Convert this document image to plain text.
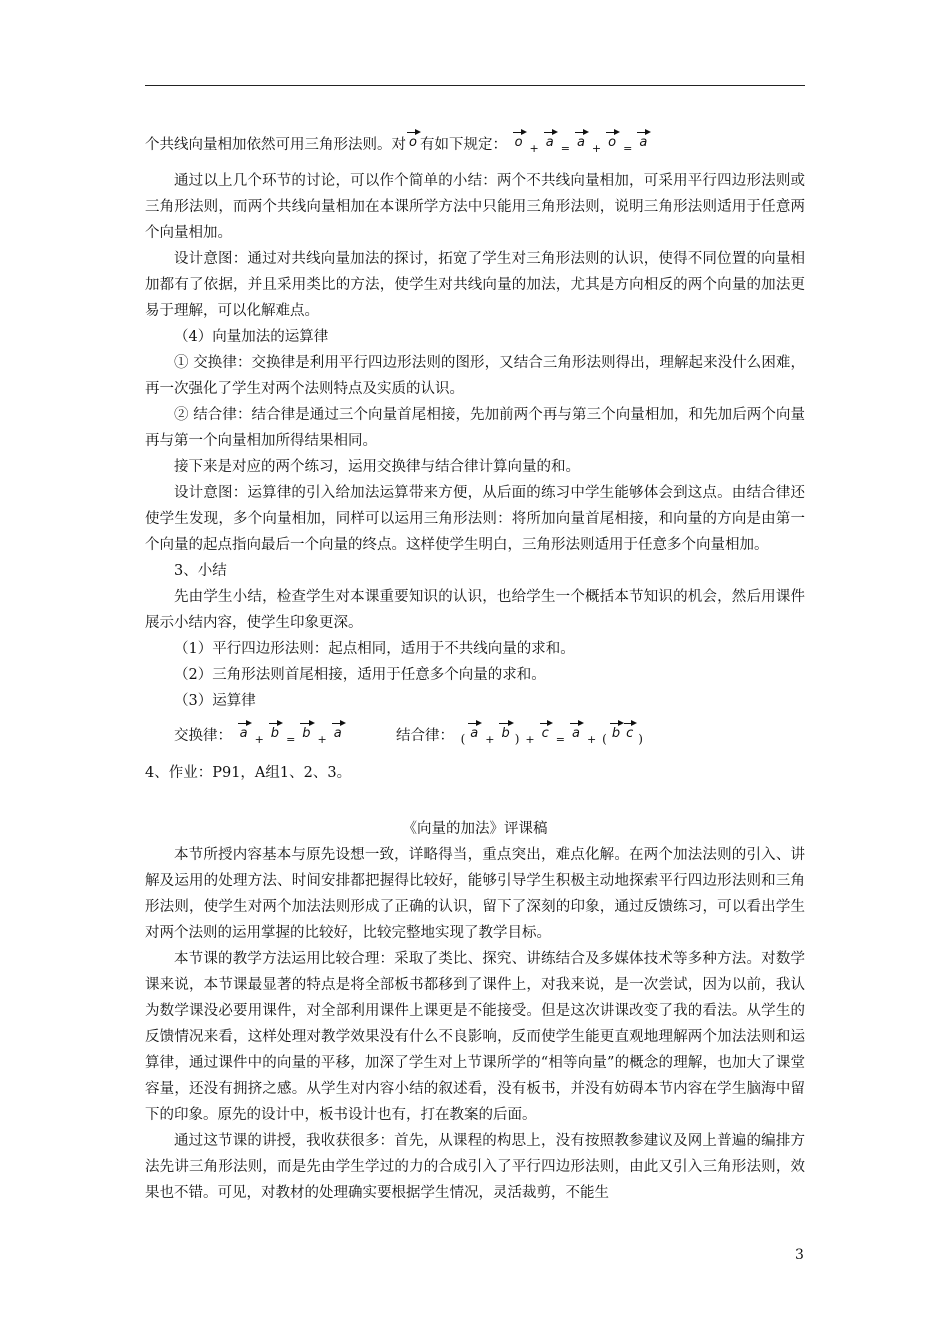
个共线向量相加依然可用三角形法则。对 o 有如下规定： o $_+$ a $_=$ a $_+$ o $_=$ a

通过以上几个环节的讨论，可以作个简单的小结：两个不共线向量相加，可采用平行四边形法则或三角形法则，而两个共线向量相加在本课所学方法中只能用三角形法则，说明三角形法则适用于任意两个向量相加。

设计意图：通过对共线向量加法的探讨，拓宽了学生对三角形法则的认识，使得不同位置的向量相加都有了依据，并且采用类比的方法，使学生对共线向量的加法，尤其是方向相反的两个向量的加法更易于理解，可以化解难点。

（4）向量加法的运算律

① 交换律：交换律是利用平行四边形法则的图形，又结合三角形法则得出，理解起来没什么困难，再一次强化了学生对两个法则特点及实质的认识。

② 结合律：结合律是通过三个向量首尾相接，先加前两个再与第三个向量相加，和先加后两个向量再与第一个向量相加所得结果相同。

接下来是对应的两个练习，运用交换律与结合律计算向量的和。

设计意图：运算律的引入给加法运算带来方便，从后面的练习中学生能够体会到这点。由结合律还使学生发现，多个向量相加，同样可以运用三角形法则：将所加向量首尾相接，和向量的方向是由第一个向量的起点指向最后一个向量的终点。这样使学生明白，三角形法则适用于任意多个向量相加。

3、小结

先由学生小结，检查学生对本课重要知识的认识，也给学生一个概括本节知识的机会，然后用课件展示小结内容，使学生印象更深。

（1）平行四边形法则：起点相同，适用于不共线向量的求和。

（2）三角形法则首尾相接，适用于任意多个向量的求和。

（3）运算律

交换律： a $_+$ b $_=$ b $_+$ a	结合律： $_($ a $_+$ b $_)$ $_+$ c $_=$ a $_+$ $_($ b c $_)$

4、作业：P91，A组1、2、3。

《向量的加法》评课稿

本节所授内容基本与原先设想一致，详略得当，重点突出，难点化解。在两个加法法则的引入、讲解及运用的处理方法、时间安排都把握得比较好，能够引导学生积极主动地探索平行四边形法则和三角形法则，使学生对两个加法法则形成了正确的认识，留下了深刻的印象，通过反馈练习，可以看出学生对两个法则的运用掌握的比较好，比较完整地实现了教学目标。

本节课的教学方法运用比较合理：采取了类比、探究、讲练结合及多媒体技术等多种方法。对数学课来说，本节课最显著的特点是将全部板书都移到了课件上，对我来说，是一次尝试，因为以前，我认为数学课没必要用课件，对全部利用课件上课更是不能接受。但是这次讲课改变了我的看法。从学生的反馈情况来看，这样处理对教学效果没有什么不良影响，反而使学生能更直观地理解两个加法法则和运算律，通过课件中的向量的平移，加深了学生对上节课所学的“相等向量”的概念的理解，也加大了课堂容量，还没有拥挤之感。从学生对内容小结的叙述看，没有板书，并没有妨碍本节内容在学生脑海中留下的印象。原先的设计中，板书设计也有，打在教案的后面。

通过这节课的讲授，我收获很多：首先，从课程的构思上，没有按照教参建议及网上普遍的编排方法先讲三角形法则，而是先由学生学过的力的合成引入了平行四边形法则，由此又引入三角形法则，效果也不错。可见，对教材的处理确实要根据学生情况，灵活裁剪，不能生

3
